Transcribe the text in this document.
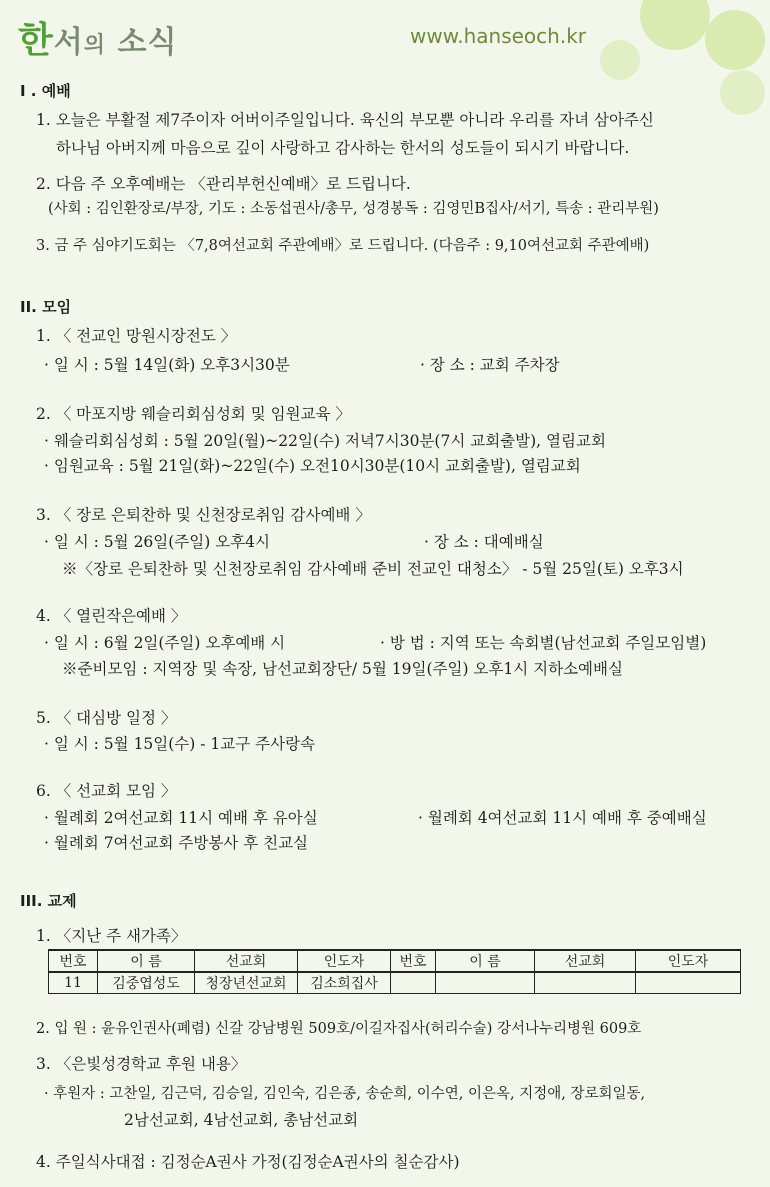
한서의 소식	www.hanseoch.kr
I . 예배
1. 오늘은 부활절 제7주이자 어버이주일입니다. 육신의 부모뿐 아니라 우리를 자녀 삼아주신
하나님 아버지께 마음으로 깊이 사랑하고 감사하는 한서의 성도들이 되시기 바랍니다.
2. 다음 주 오후예배는 〈관리부헌신예배〉로 드립니다.
(사회 : 김인환장로/부장, 기도 : 소동섭권사/총무, 성경봉독 : 김영민B집사/서기, 특송 : 관리부원)
3. 금 주 심야기도회는 〈7,8여선교회 주관예배〉로 드립니다. (다음주 : 9,10여선교회 주관예배)
II. 모임
1. 〈 전교인 망원시장전도 〉
· 일 시 : 5월 14일(화) 오후3시30분	· 장 소 : 교회 주차장
2. 〈 마포지방 웨슬리회심성회 및 임원교육 〉
· 웨슬리회심성회 : 5월 20일(월)~22일(수) 저녁7시30분(7시 교회출발), 열림교회
· 임원교육 : 5월 21일(화)~22일(수) 오전10시30분(10시 교회출발), 열림교회
3. 〈 장로 은퇴찬하 및 신천장로취임 감사예배 〉
· 일 시 : 5월 26일(주일) 오후4시	· 장 소 : 대예배실
※〈장로 은퇴찬하 및 신천장로취임 감사예배 준비 전교인 대청소〉 - 5월 25일(토) 오후3시
4. 〈 열린작은예배 〉
· 일 시 : 6월 2일(주일) 오후예배 시	· 방 법 : 지역 또는 속회별(남선교회 주일모임별)
※준비모임 : 지역장 및 속장, 남선교회장단/ 5월 19일(주일) 오후1시 지하소예배실
5. 〈 대심방 일정 〉
· 일 시 : 5월 15일(수) - 1교구 주사랑속
6. 〈 선교회 모임 〉
· 월례회 2여선교회 11시 예배 후 유아실	· 월례회 4여선교회 11시 예배 후 중예배실
· 월례회 7여선교회 주방봉사 후 친교실
III. 교제
1. 〈지난 주 새가족〉
번호	이 름	선교회	인도자	번호	이 름	선교회	인도자
11	김중엽성도	청장년선교회	김소희집사				
2. 입 원 : 윤유인권사(폐렴) 신갈 강남병원 509호/이길자집사(허리수술) 강서나누리병원 609호
3. 〈은빛성경학교 후원 내용〉
· 후원자 : 고찬일, 김근덕, 김승일, 김인숙, 김은종, 송순희, 이수연, 이은옥, 지정애, 장로회일동,
2남선교회, 4남선교회, 총남선교회
4. 주일식사대접 : 김정순A권사 가정(김정순A권사의 칠순감사)
